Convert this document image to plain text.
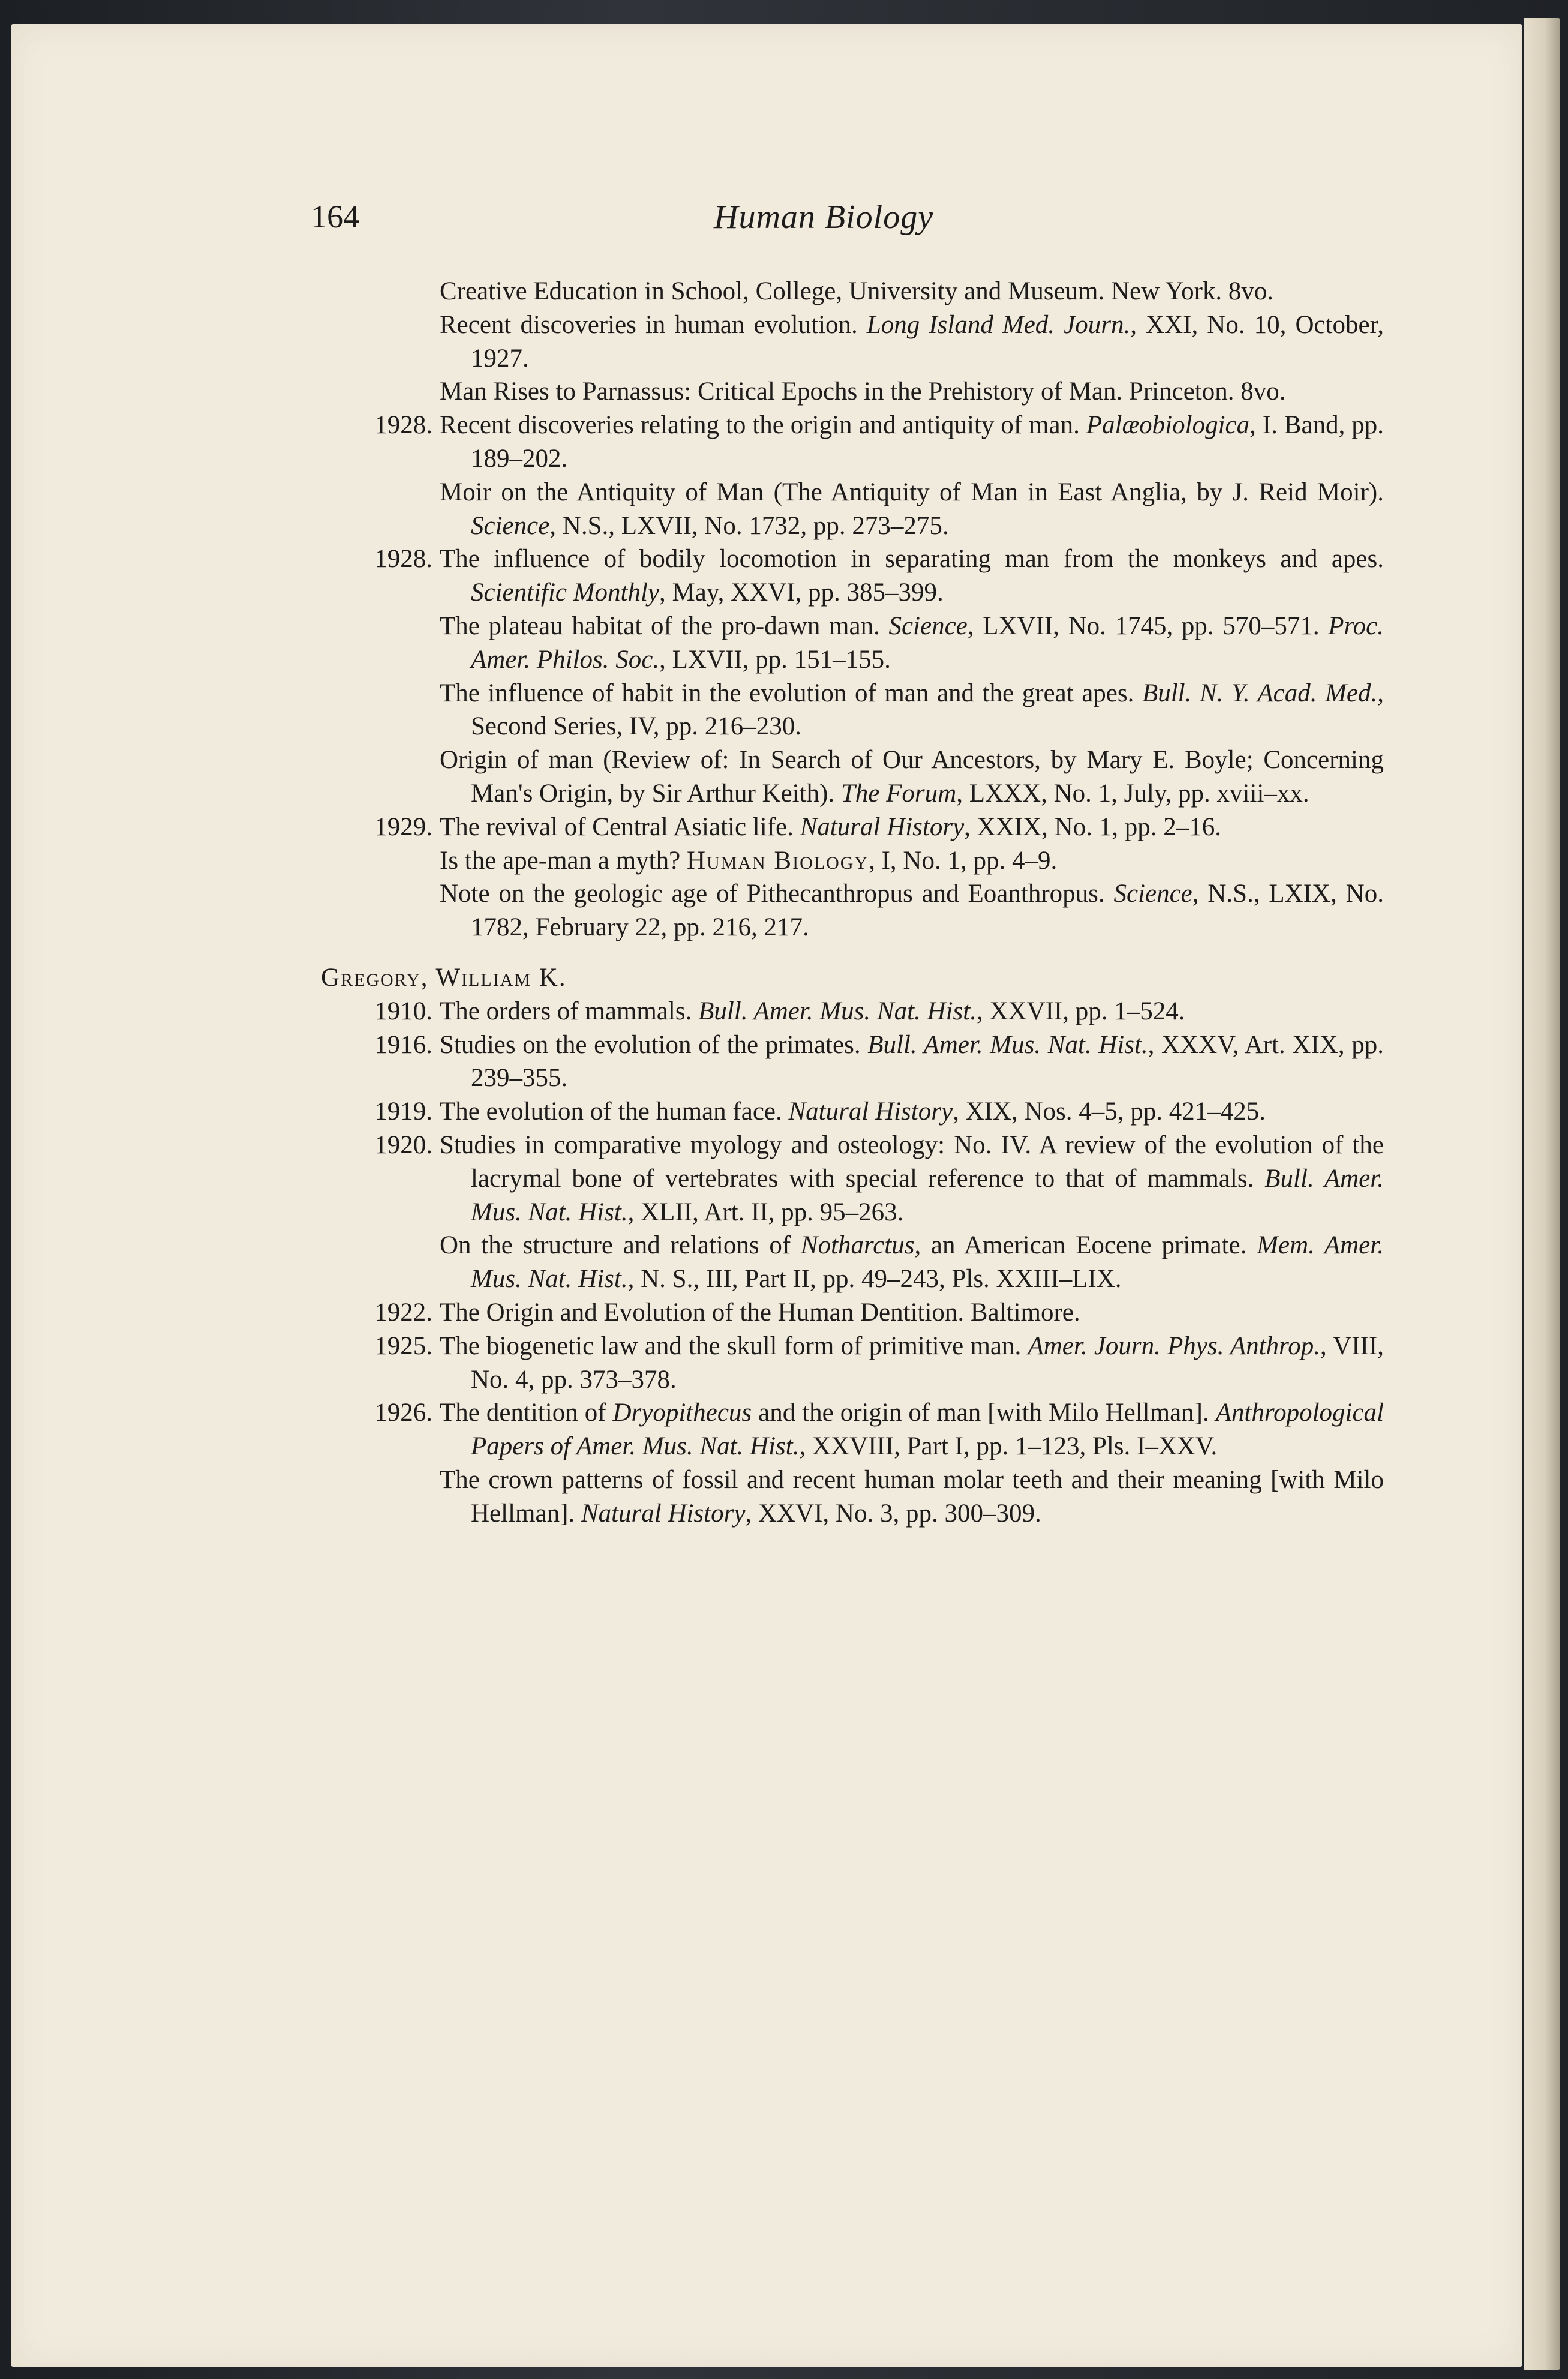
164	Human Biology
Creative Education in School, College, University and Museum. New York. 8vo.
Recent discoveries in human evolution. Long Island Med. Journ., XXI, No. 10, October, 1927.
Man Rises to Parnassus: Critical Epochs in the Prehistory of Man. Princeton. 8vo.
1928. Recent discoveries relating to the origin and antiquity of man. Palæobiologica, I. Band, pp. 189–202.
Moir on the Antiquity of Man (The Antiquity of Man in East Anglia, by J. Reid Moir). Science, N.S., LXVII, No. 1732, pp. 273–275.
1928. The influence of bodily locomotion in separating man from the monkeys and apes. Scientific Monthly, May, XXVI, pp. 385–399.
The plateau habitat of the pro-dawn man. Science, LXVII, No. 1745, pp. 570–571. Proc. Amer. Philos. Soc., LXVII, pp. 151–155.
The influence of habit in the evolution of man and the great apes. Bull. N. Y. Acad. Med., Second Series, IV, pp. 216–230.
Origin of man (Review of: In Search of Our Ancestors, by Mary E. Boyle; Concerning Man's Origin, by Sir Arthur Keith). The Forum, LXXX, No. 1, July, pp. xviii–xx.
1929. The revival of Central Asiatic life. Natural History, XXIX, No. 1, pp. 2–16.
Is the ape-man a myth? Human Biology, I, No. 1, pp. 4–9.
Note on the geologic age of Pithecanthropus and Eoanthropus. Science, N.S., LXIX, No. 1782, February 22, pp. 216, 217.
Gregory, William K.
1910. The orders of mammals. Bull. Amer. Mus. Nat. Hist., XXVII, pp. 1–524.
1916. Studies on the evolution of the primates. Bull. Amer. Mus. Nat. Hist., XXXV, Art. XIX, pp. 239–355.
1919. The evolution of the human face. Natural History, XIX, Nos. 4–5, pp. 421–425.
1920. Studies in comparative myology and osteology: No. IV. A review of the evolution of the lacrymal bone of vertebrates with special reference to that of mammals. Bull. Amer. Mus. Nat. Hist., XLII, Art. II, pp. 95–263.
On the structure and relations of Notharctus, an American Eocene primate. Mem. Amer. Mus. Nat. Hist., N. S., III, Part II, pp. 49–243, Pls. XXIII–LIX.
1922. The Origin and Evolution of the Human Dentition. Baltimore.
1925. The biogenetic law and the skull form of primitive man. Amer. Journ. Phys. Anthrop., VIII, No. 4, pp. 373–378.
1926. The dentition of Dryopithecus and the origin of man [with Milo Hellman]. Anthropological Papers of Amer. Mus. Nat. Hist., XXVIII, Part I, pp. 1–123, Pls. I–XXV.
The crown patterns of fossil and recent human molar teeth and their meaning [with Milo Hellman]. Natural History, XXVI, No. 3, pp. 300–309.
